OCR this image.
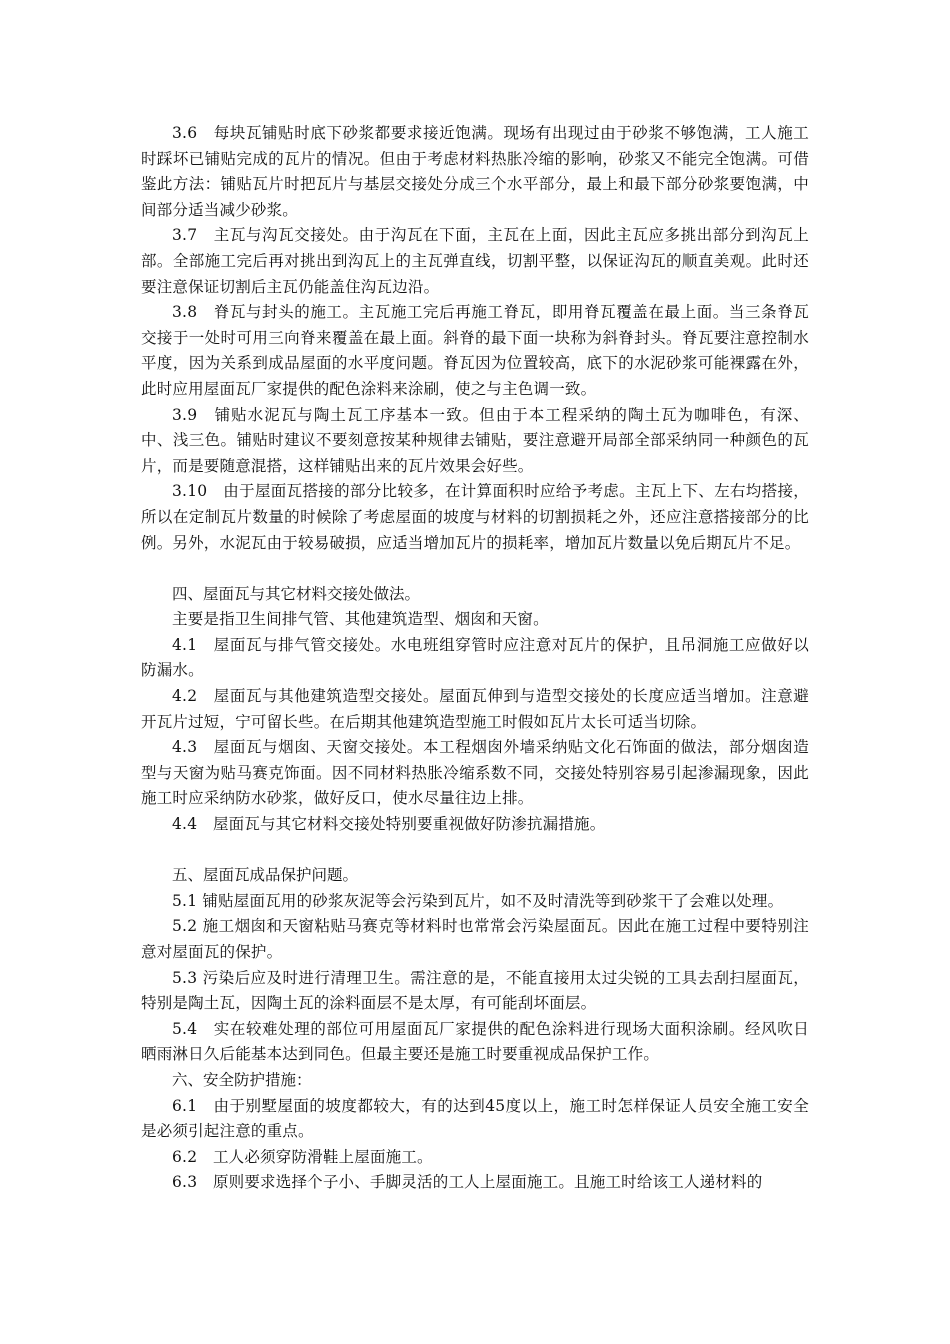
3.6　每块瓦铺贴时底下砂浆都要求接近饱满。现场有出现过由于砂浆不够饱满，工人施工时踩坏已铺贴完成的瓦片的情况。但由于考虑材料热胀冷缩的影响，砂浆又不能完全饱满。可借鉴此方法：铺贴瓦片时把瓦片与基层交接处分成三个水平部分，最上和最下部分砂浆要饱满，中间部分适当减少砂浆。

3.7　主瓦与沟瓦交接处。由于沟瓦在下面，主瓦在上面，因此主瓦应多挑出部分到沟瓦上部。全部施工完后再对挑出到沟瓦上的主瓦弹直线，切割平整，以保证沟瓦的顺直美观。此时还要注意保证切割后主瓦仍能盖住沟瓦边沿。

3.8　脊瓦与封头的施工。主瓦施工完后再施工脊瓦，即用脊瓦覆盖在最上面。当三条脊瓦交接于一处时可用三向脊来覆盖在最上面。斜脊的最下面一块称为斜脊封头。脊瓦要注意控制水平度，因为关系到成品屋面的水平度问题。脊瓦因为位置较高，底下的水泥砂浆可能裸露在外，此时应用屋面瓦厂家提供的配色涂料来涂刷，使之与主色调一致。

3.9　铺贴水泥瓦与陶土瓦工序基本一致。但由于本工程采纳的陶土瓦为咖啡色，有深、中、浅三色。铺贴时建议不要刻意按某种规律去铺贴，要注意避开局部全部采纳同一种颜色的瓦片，而是要随意混搭，这样铺贴出来的瓦片效果会好些。

3.10　由于屋面瓦搭接的部分比较多，在计算面积时应给予考虑。主瓦上下、左右均搭接，所以在定制瓦片数量的时候除了考虑屋面的坡度与材料的切割损耗之外，还应注意搭接部分的比例。另外，水泥瓦由于较易破损，应适当增加瓦片的损耗率，增加瓦片数量以免后期瓦片不足。

四、屋面瓦与其它材料交接处做法。

主要是指卫生间排气管、其他建筑造型、烟囱和天窗。

4.1　屋面瓦与排气管交接处。水电班组穿管时应注意对瓦片的保护，且吊洞施工应做好以防漏水。

4.2　屋面瓦与其他建筑造型交接处。屋面瓦伸到与造型交接处的长度应适当增加。注意避开瓦片过短，宁可留长些。在后期其他建筑造型施工时假如瓦片太长可适当切除。

4.3　屋面瓦与烟囱、天窗交接处。本工程烟囱外墙采纳贴文化石饰面的做法，部分烟囱造型与天窗为贴马赛克饰面。因不同材料热胀冷缩系数不同，交接处特别容易引起渗漏现象，因此施工时应采纳防水砂浆，做好反口，使水尽量往边上排。

4.4　屋面瓦与其它材料交接处特别要重视做好防渗抗漏措施。

五、屋面瓦成品保护问题。

5.1 铺贴屋面瓦用的砂浆灰泥等会污染到瓦片，如不及时清洗等到砂浆干了会难以处理。

5.2 施工烟囱和天窗粘贴马赛克等材料时也常常会污染屋面瓦。因此在施工过程中要特别注意对屋面瓦的保护。

5.3 污染后应及时进行清理卫生。需注意的是，不能直接用太过尖锐的工具去刮扫屋面瓦，特别是陶土瓦，因陶土瓦的涂料面层不是太厚，有可能刮坏面层。

5.4　实在较难处理的部位可用屋面瓦厂家提供的配色涂料进行现场大面积涂刷。经风吹日晒雨淋日久后能基本达到同色。但最主要还是施工时要重视成品保护工作。

六、安全防护措施：

6.1　由于别墅屋面的坡度都较大，有的达到45度以上，施工时怎样保证人员安全施工安全是必须引起注意的重点。

6.2　工人必须穿防滑鞋上屋面施工。

6.3　原则要求选择个子小、手脚灵活的工人上屋面施工。且施工时给该工人递材料的
